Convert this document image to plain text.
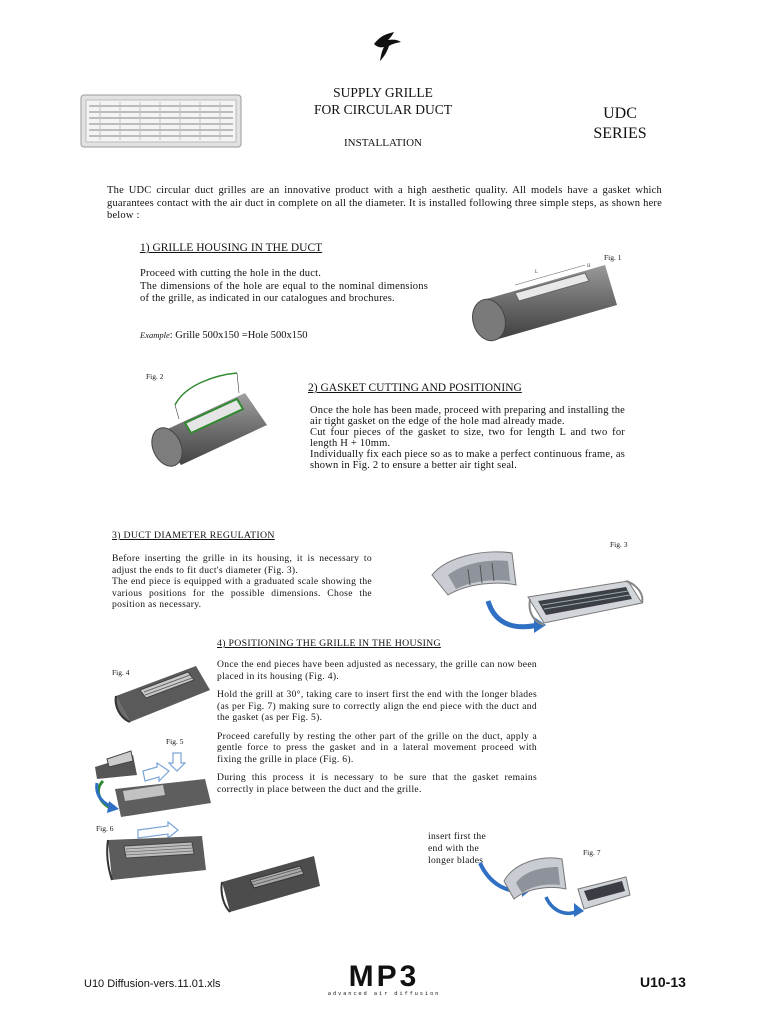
SUPPLY GRILLE
FOR CIRCULAR DUCT
INSTALLATION
UDC
SERIES
The UDC circular duct grilles are an innovative product with a high aesthetic quality. All models have a gasket which guarantees contact with the air duct in complete on all the diameter. It is installed following three simple steps, as shown here below :
1) GRILLE HOUSING IN THE DUCT
Proceed with cutting the hole in the duct.
The dimensions of the hole are equal to the nominal dimensions of the grille, as indicated in our catalogues and brochures.
Example: Grille 500x150 =Hole 500x150
Fig. 1
L
H
Fig. 2
2) GASKET CUTTING AND POSITIONING
Once the hole has been made, proceed with preparing and installing the air tight gasket on the edge of the hole mad already made.
Cut four pieces of the gasket to size, two for length L and two for length H + 10mm.
Individually fix each piece so as to make a perfect continuous frame, as shown in Fig. 2 to ensure a better air tight seal.
3) DUCT DIAMETER REGULATION
Before inserting the grille in its housing, it is necessary to adjust the ends to fit duct's diameter (Fig. 3).
The end piece is equipped with a graduated scale showing the various positions for the possible dimensions. Chose the position as necessary.
Fig. 3
4) POSITIONING THE GRILLE IN THE HOUSING
Once the end pieces have been adjusted as necessary, the grille can now been placed in its housing (Fig. 4).
Hold the grill at 30°, taking care to insert first the end with the longer blades (as per Fig. 7) making sure to correctly align the end piece with the duct and the gasket (as per Fig. 5).
Proceed carefully by resting the other part of the grille on the duct, apply a gentle force to press the gasket and in a lateral movement proceed with fixing the grille in place (Fig. 6).
During this process it is necessary to be sure that the gasket remains correctly in place between the duct and the grille.
Fig. 4
Fig. 5
Fig. 6
insert first the
end with the
longer blades
Fig. 7
U10 Diffusion-vers.11.01.xls	MP3
advanced air diffusion
U10-13
